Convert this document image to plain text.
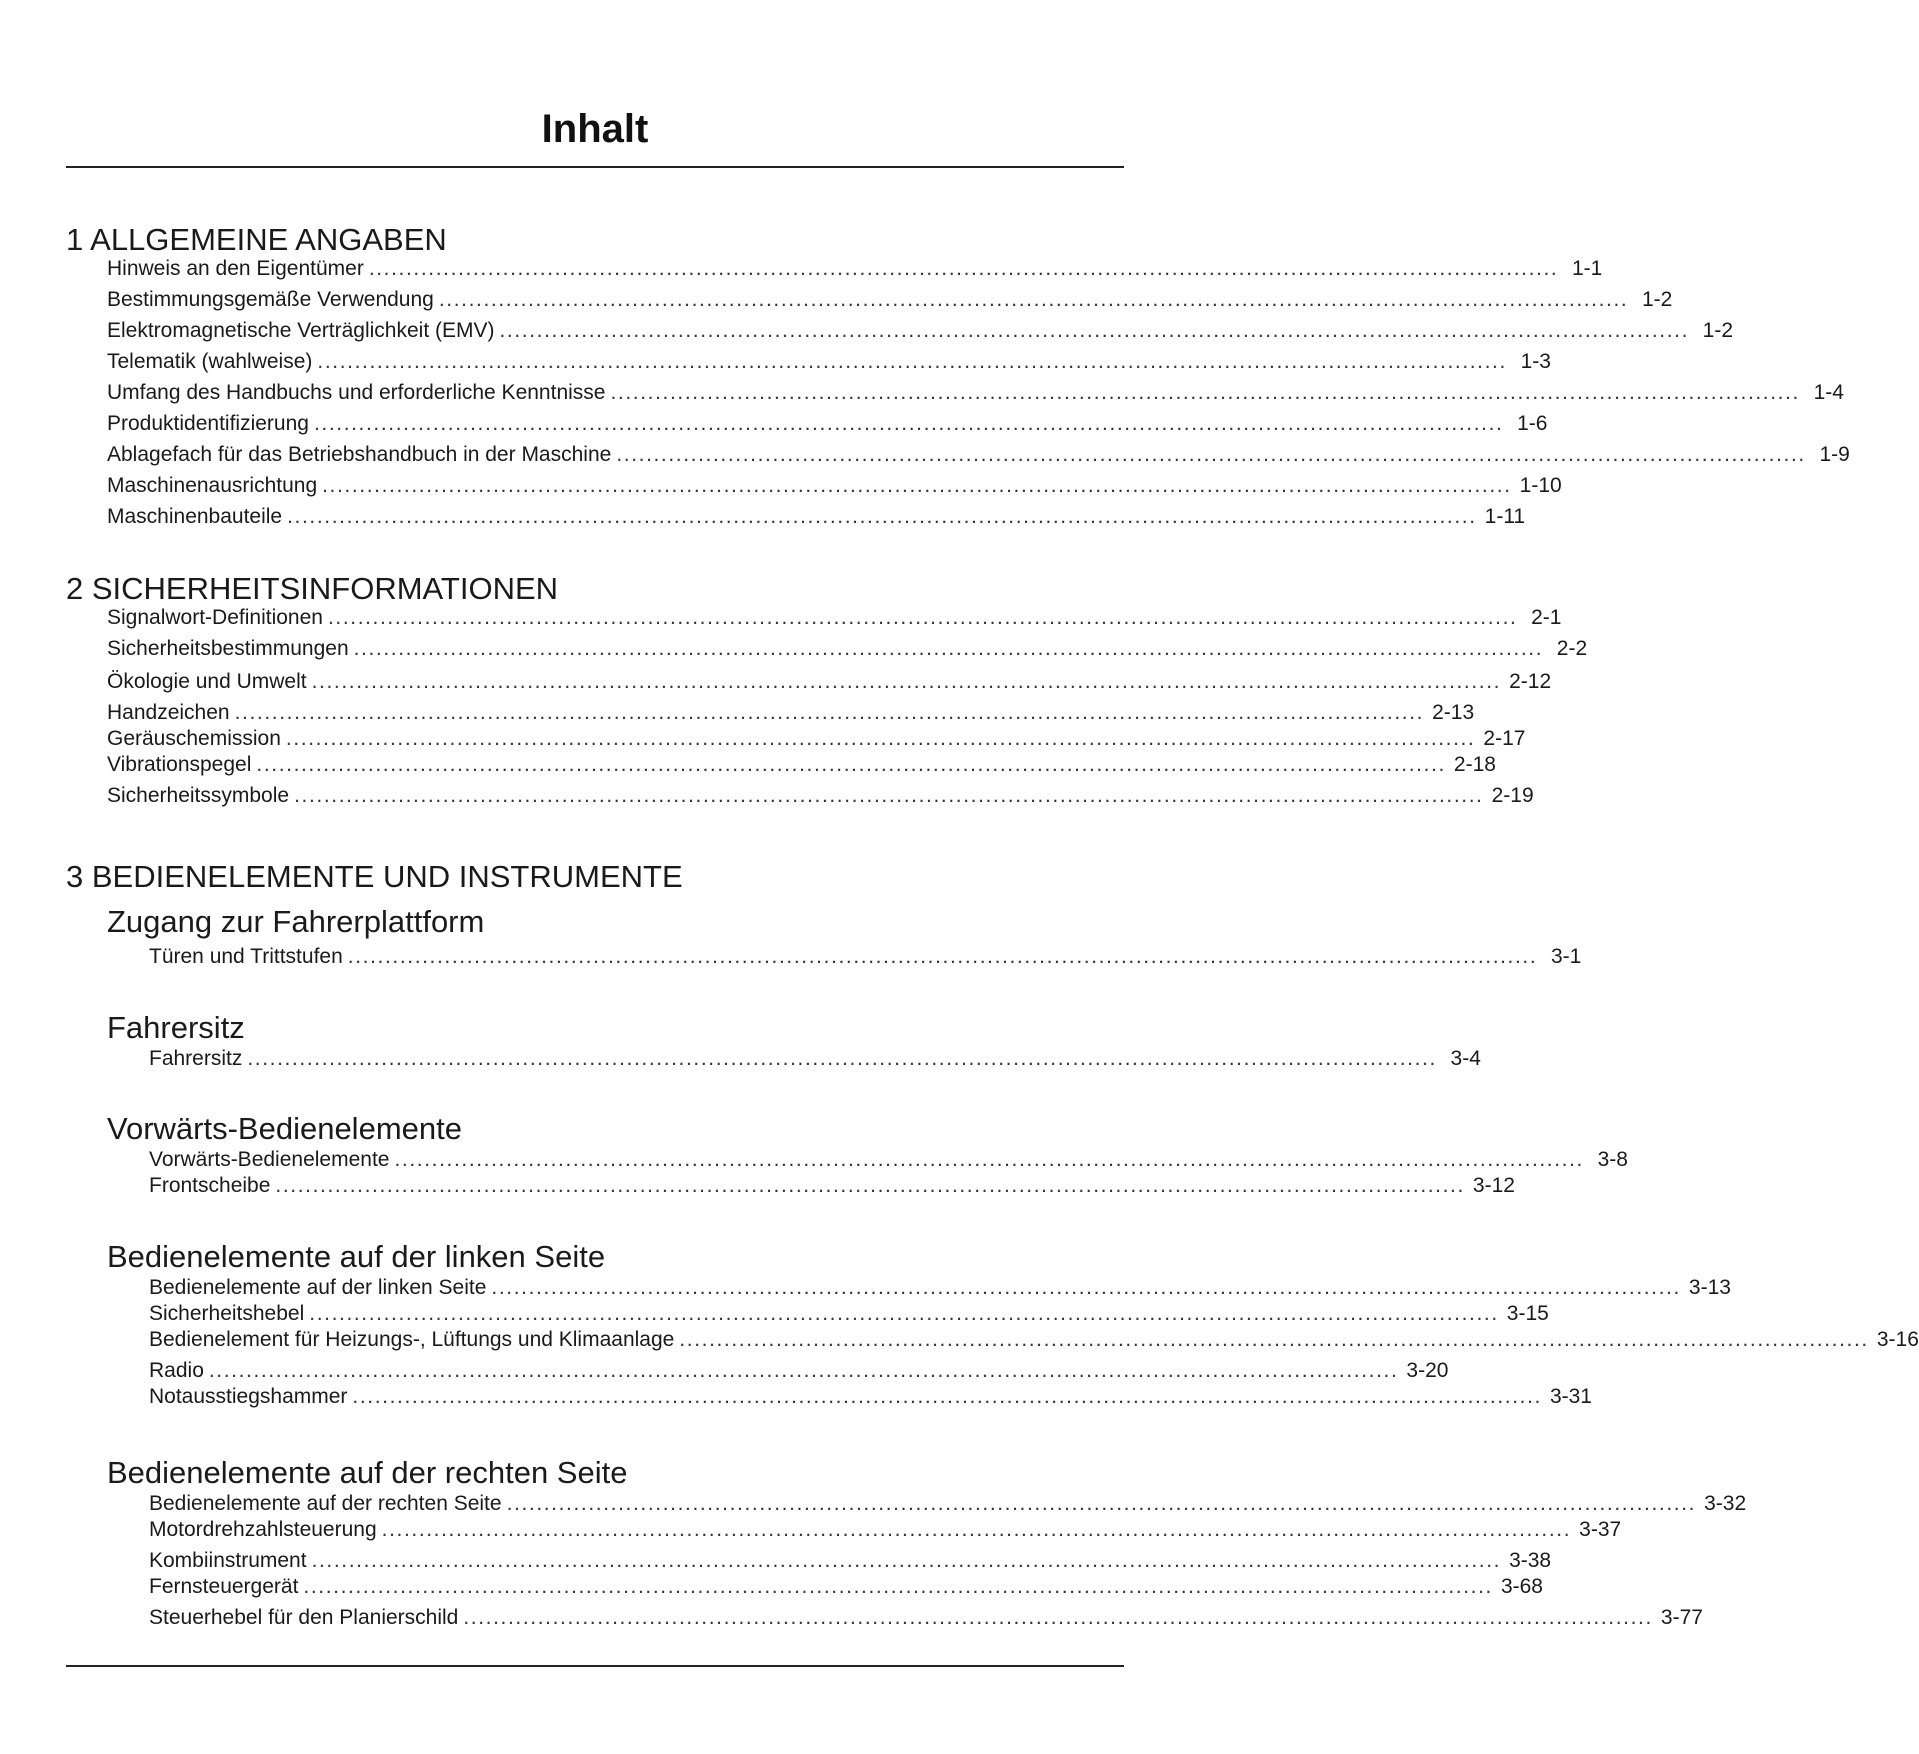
Inhalt
1 ALLGEMEINE ANGABEN
Hinweis an den Eigentümer ................................................................................................................................................................ 1-1
Bestimmungsgemäße Verwendung ................................................................................................................................................................ 1-2
Elektromagnetische Verträglichkeit (EMV) ................................................................................................................................................................ 1-2
Telematik (wahlweise) ................................................................................................................................................................ 1-3
Umfang des Handbuchs und erforderliche Kenntnisse ................................................................................................................................................................ 1-4
Produktidentifizierung ................................................................................................................................................................ 1-6
Ablagefach für das Betriebshandbuch in der Maschine ................................................................................................................................................................ 1-9
Maschinenausrichtung ................................................................................................................................................................ 1-10
Maschinenbauteile ................................................................................................................................................................ 1-11
2 SICHERHEITSINFORMATIONEN
Signalwort-Definitionen ................................................................................................................................................................ 2-1
Sicherheitsbestimmungen ................................................................................................................................................................ 2-2
Ökologie und Umwelt ................................................................................................................................................................ 2-12
Handzeichen ................................................................................................................................................................ 2-13
Geräuschemission ................................................................................................................................................................ 2-17
Vibrationspegel ................................................................................................................................................................ 2-18
Sicherheitssymbole ................................................................................................................................................................ 2-19
3 BEDIENELEMENTE UND INSTRUMENTE
Zugang zur Fahrerplattform
Türen und Trittstufen ................................................................................................................................................................ 3-1
Fahrersitz
Fahrersitz ................................................................................................................................................................ 3-4
Vorwärts-Bedienelemente
Vorwärts-Bedienelemente ................................................................................................................................................................ 3-8
Frontscheibe ................................................................................................................................................................ 3-12
Bedienelemente auf der linken Seite
Bedienelemente auf der linken Seite ................................................................................................................................................................ 3-13
Sicherheitshebel ................................................................................................................................................................ 3-15
Bedienelement für Heizungs-, Lüftungs und Klimaanlage ................................................................................................................................................................ 3-16
Radio ................................................................................................................................................................ 3-20
Notausstiegshammer ................................................................................................................................................................ 3-31
Bedienelemente auf der rechten Seite
Bedienelemente auf der rechten Seite ................................................................................................................................................................ 3-32
Motordrehzahlsteuerung ................................................................................................................................................................ 3-37
Kombiinstrument ................................................................................................................................................................ 3-38
Fernsteuergerät ................................................................................................................................................................ 3-68
Steuerhebel für den Planierschild ................................................................................................................................................................ 3-77
